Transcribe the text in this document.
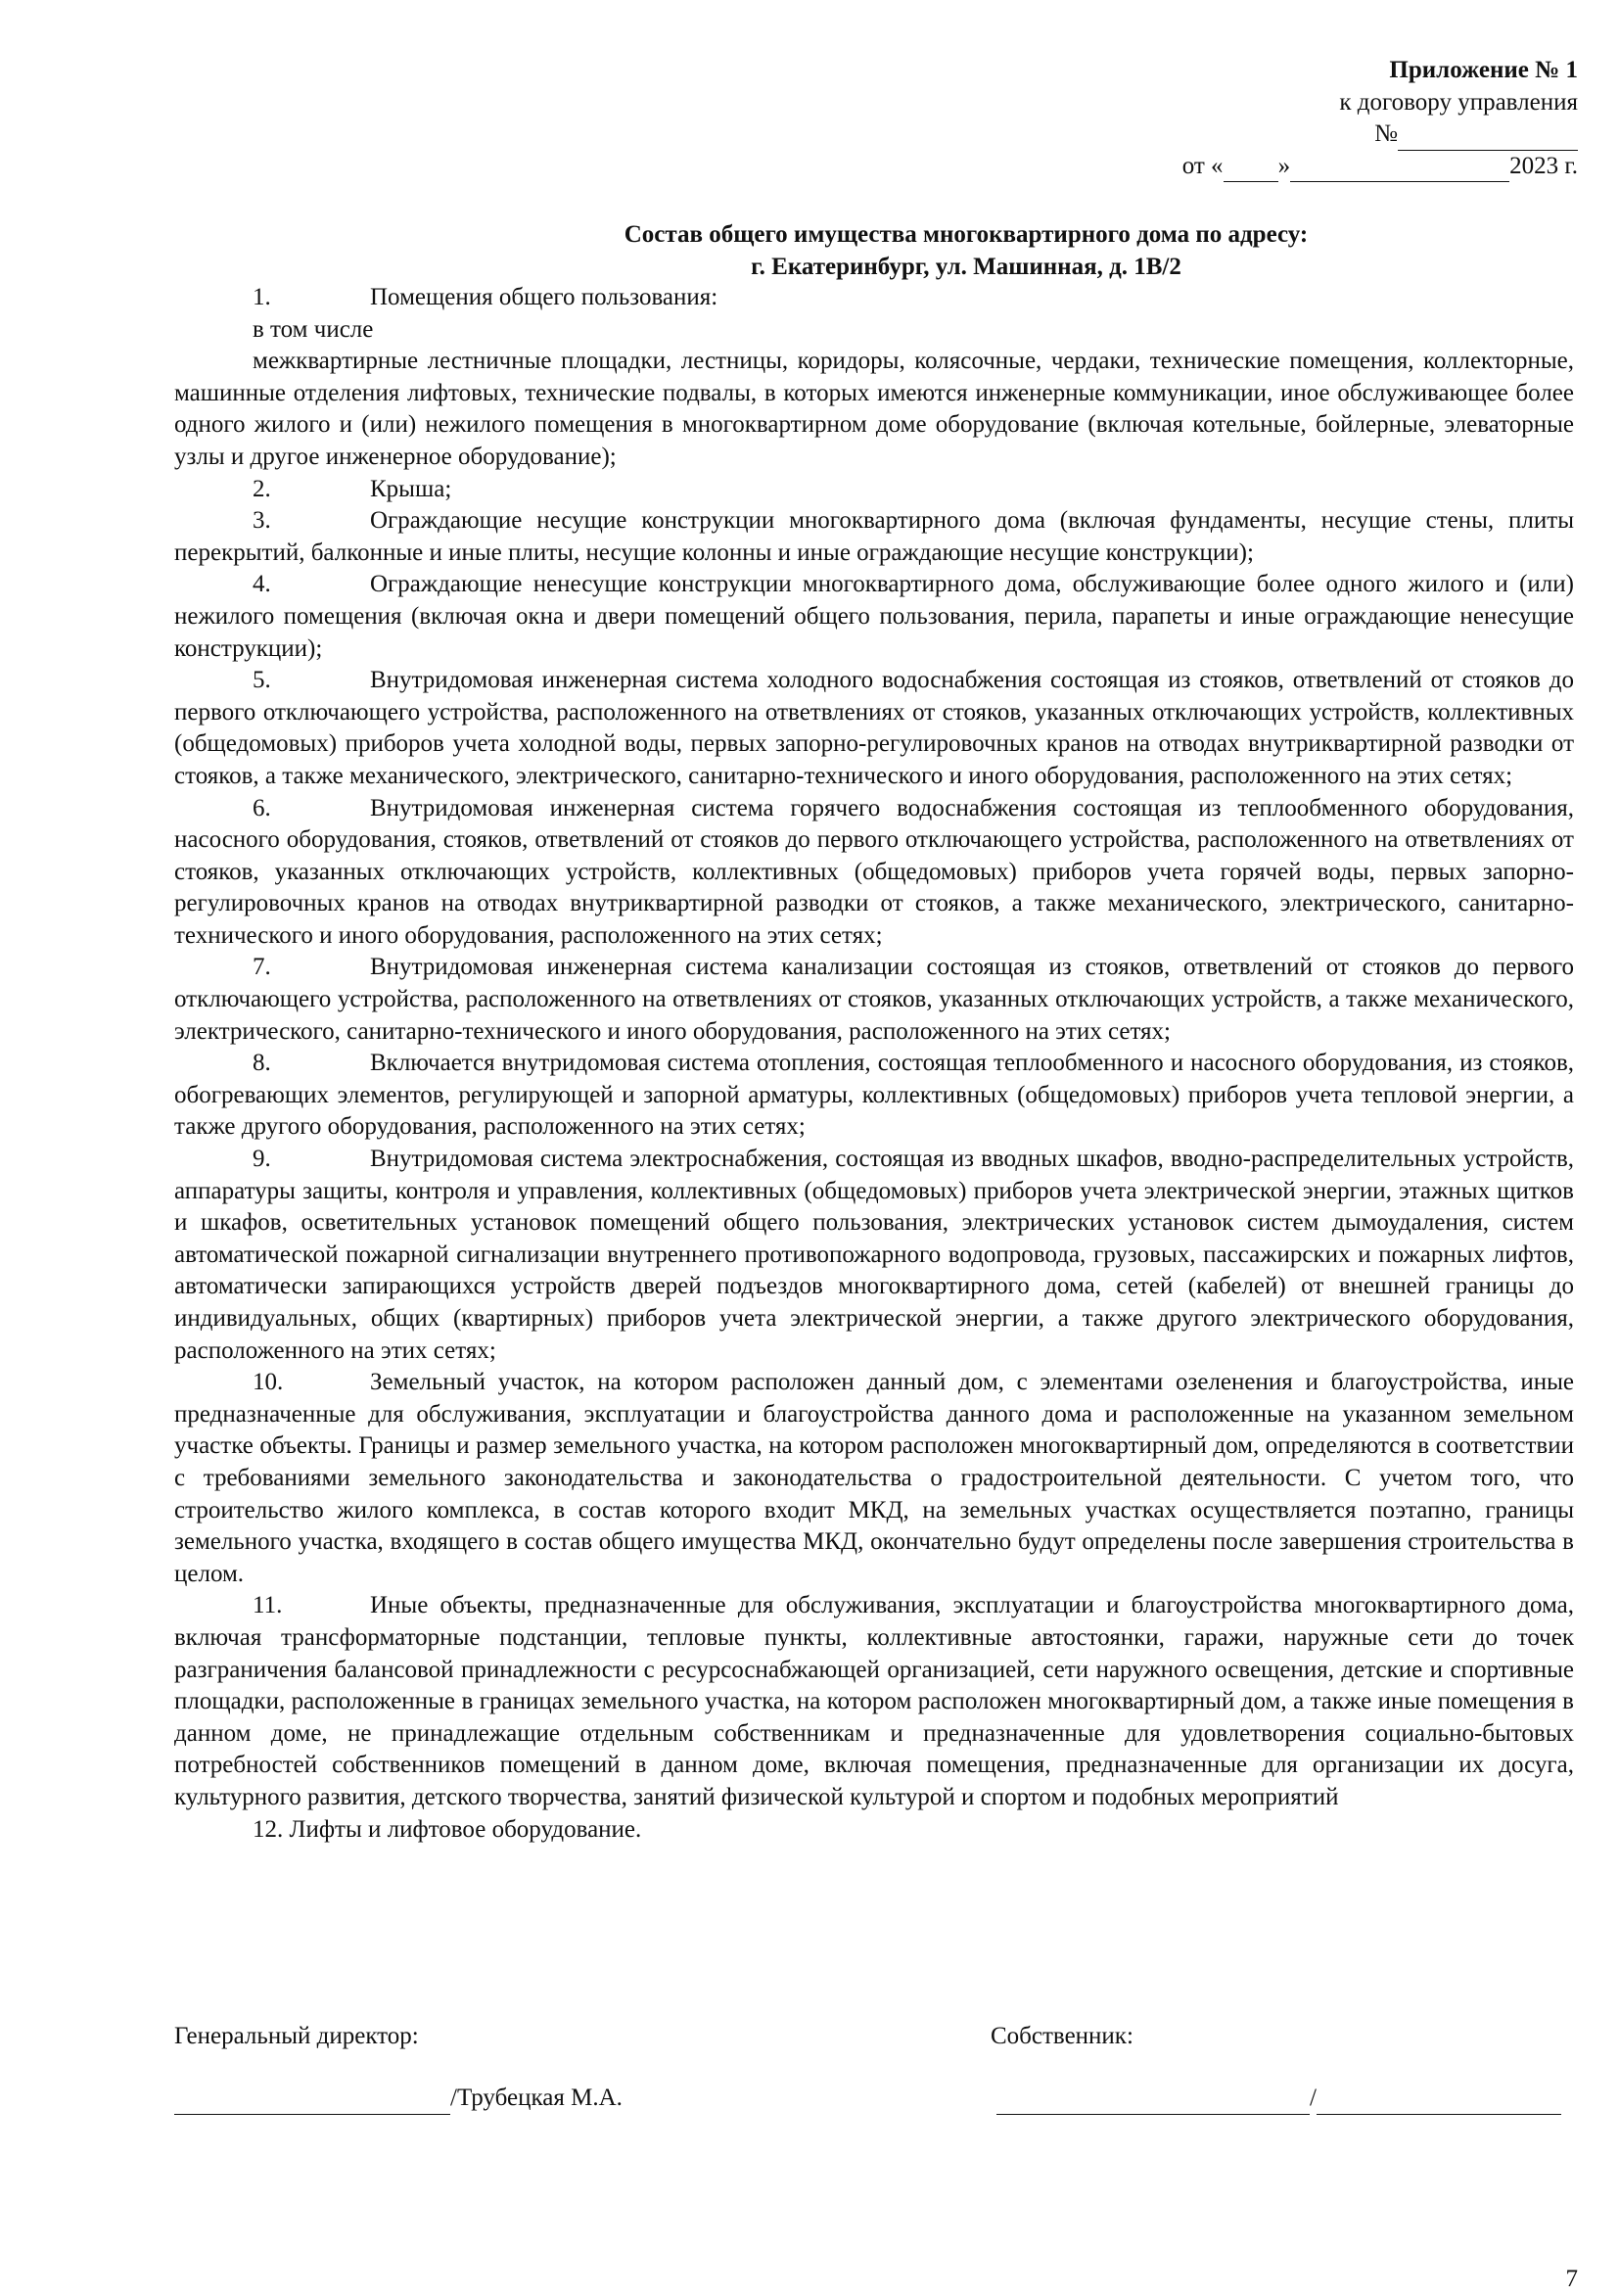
Приложение № 1
к договору управления
№
от « »	2023 г.
Состав общего имущества многоквартирного дома по адресу:
г. Екатеринбург, ул. Машинная, д. 1В/2
1.	Помещения общего пользования:
в том числе
межквартирные лестничные площадки, лестницы, коридоры, колясочные, чердаки, технические помещения, коллекторные, машинные отделения лифтовых, технические подвалы, в которых имеются инженерные коммуникации, иное обслуживающее более одного жилого и (или) нежилого помещения в многоквартирном доме оборудование (включая котельные, бойлерные, элеваторные узлы и другое инженерное оборудование);
2.	Крыша;
3.	Ограждающие несущие конструкции многоквартирного дома (включая фундаменты, несущие стены, плиты перекрытий, балконные и иные плиты, несущие колонны и иные ограждающие несущие конструкции);
4.	Ограждающие ненесущие конструкции многоквартирного дома, обслуживающие более одного жилого и (или) нежилого помещения (включая окна и двери помещений общего пользования, перила, парапеты и иные ограждающие ненесущие конструкции);
5.	Внутридомовая инженерная система холодного водоснабжения состоящая из стояков, ответвлений от стояков до первого отключающего устройства, расположенного на ответвлениях от стояков, указанных отключающих устройств, коллективных (общедомовых) приборов учета холодной воды, первых запорно-регулировочных кранов на отводах внутриквартирной разводки от стояков, а также механического, электрического, санитарно-технического и иного оборудования, расположенного на этих сетях;
6.	Внутридомовая инженерная система горячего водоснабжения состоящая из теплообменного оборудования, насосного оборудования, стояков, ответвлений от стояков до первого отключающего устройства, расположенного на ответвлениях от стояков, указанных отключающих устройств, коллективных (общедомовых) приборов учета горячей воды, первых запорно-регулировочных кранов на отводах внутриквартирной разводки от стояков, а также механического, электрического, санитарно-технического и иного оборудования, расположенного на этих сетях;
7.	Внутридомовая инженерная система канализации состоящая из стояков, ответвлений от стояков до первого отключающего устройства, расположенного на ответвлениях от стояков, указанных отключающих устройств, а также механического, электрического, санитарно-технического и иного оборудования, расположенного на этих сетях;
8.	Включается внутридомовая система отопления, состоящая теплообменного и насосного оборудования, из стояков, обогревающих элементов, регулирующей и запорной арматуры, коллективных (общедомовых) приборов учета тепловой энергии, а также другого оборудования, расположенного на этих сетях;
9.	Внутридомовая система электроснабжения, состоящая из вводных шкафов, вводно-распределительных устройств, аппаратуры защиты, контроля и управления, коллективных (общедомовых) приборов учета электрической энергии, этажных щитков и шкафов, осветительных установок помещений общего пользования, электрических установок систем дымоудаления, систем автоматической пожарной сигнализации внутреннего противопожарного водопровода, грузовых, пассажирских и пожарных лифтов, автоматически запирающихся устройств дверей подъездов многоквартирного дома, сетей (кабелей) от внешней границы до индивидуальных, общих (квартирных) приборов учета электрической энергии, а также другого электрического оборудования, расположенного на этих сетях;
10.	Земельный участок, на котором расположен данный дом, с элементами озеленения и благоустройства, иные предназначенные для обслуживания, эксплуатации и благоустройства данного дома и расположенные на указанном земельном участке объекты. Границы и размер земельного участка, на котором расположен многоквартирный дом, определяются в соответствии с требованиями земельного законодательства и законодательства о градостроительной деятельности. С учетом того, что строительство жилого комплекса, в состав которого входит МКД, на земельных участках осуществляется поэтапно, границы земельного участка, входящего в состав общего имущества МКД, окончательно будут определены после завершения строительства в целом.
11.	Иные объекты, предназначенные для обслуживания, эксплуатации и благоустройства многоквартирного дома, включая трансформаторные подстанции, тепловые пункты, коллективные автостоянки, гаражи, наружные сети до точек разграничения балансовой принадлежности с ресурсоснабжающей организацией, сети наружного освещения, детские и спортивные площадки, расположенные в границах земельного участка, на котором расположен многоквартирный дом, а также иные помещения в данном доме, не принадлежащие отдельным собственникам и предназначенные для удовлетворения социально-бытовых потребностей собственников помещений в данном доме, включая помещения, предназначенные для организации их досуга, культурного развития, детского творчества, занятий физической культурой и спортом и подобных мероприятий
12. Лифты и лифтовое оборудование.
Генеральный директор:	Собственник:
/Трубецкая М.А.	/
7
